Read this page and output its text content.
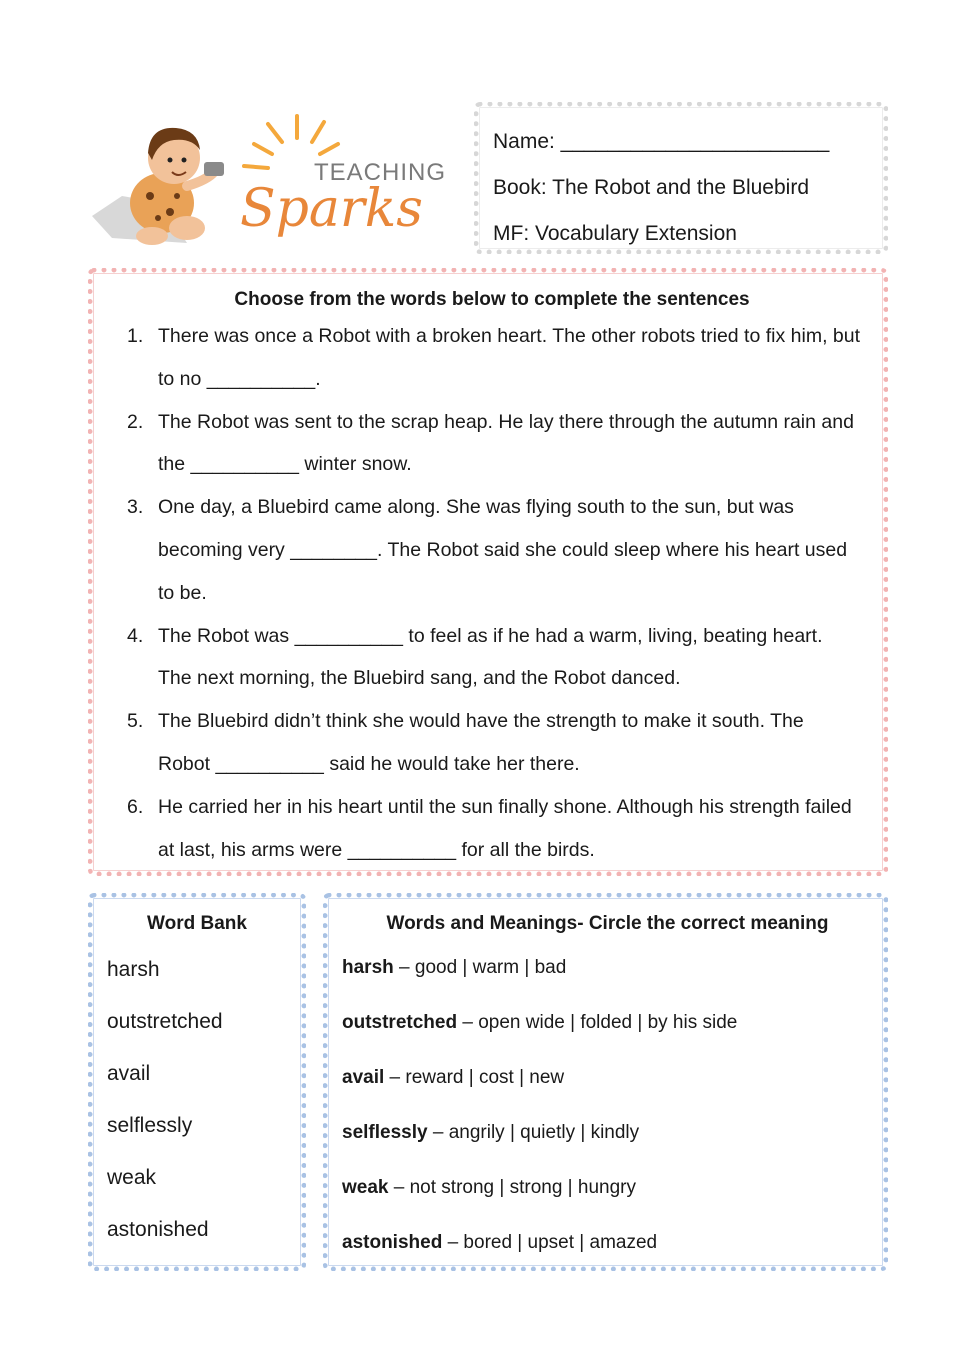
TEACHING
Sparks
Name: _______________________
Book: The Robot and the Bluebird
MF: Vocabulary Extension
Choose from the words below to complete the sentences
1. There was once a Robot with a broken heart. The other robots tried to fix him, but to no __________.
2. The Robot was sent to the scrap heap. He lay there through the autumn rain and the __________ winter snow.
3. One day, a Bluebird came along. She was flying south to the sun, but was becoming very ________. The Robot said she could sleep where his heart used to be.
4. The Robot was __________ to feel as if he had a warm, living, beating heart. The next morning, the Bluebird sang, and the Robot danced.
5. The Bluebird didn’t think she would have the strength to make it south. The Robot __________ said he would take her there.
6. He carried her in his heart until the sun finally shone. Although his strength failed at last, his arms were __________ for all the birds.
Word Bank
harsh
outstretched
avail
selflessly
weak
astonished
Words and Meanings- Circle the correct meaning
harsh – good | warm | bad
outstretched – open wide | folded | by his side
avail – reward | cost | new
selflessly – angrily | quietly | kindly
weak – not strong | strong | hungry
astonished – bored | upset | amazed
